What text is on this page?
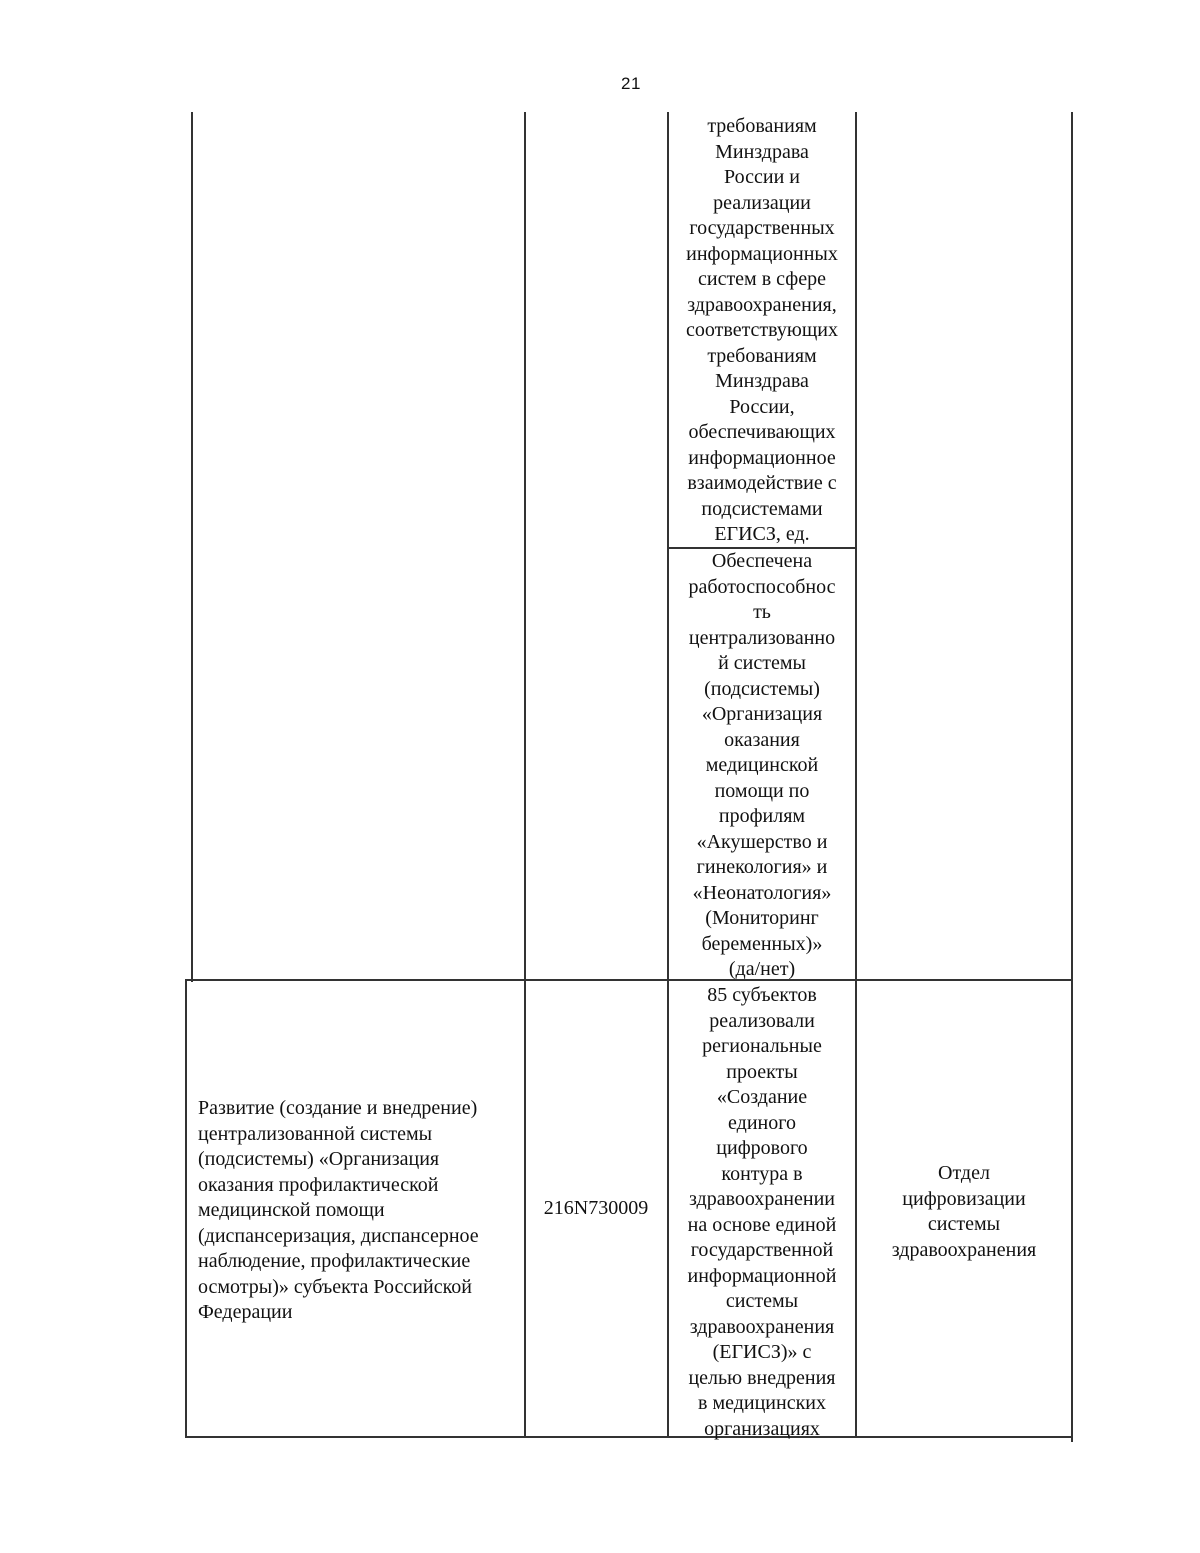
21
требованиям
Минздрава
России и
реализации
государственных
информационных
систем в сфере
здравоохранения,
соответствующих
требованиям
Минздрава
России,
обеспечивающих
информационное
взаимодействие с
подсистемами
ЕГИСЗ, ед.
Обеспечена
работоспособнос
ть
централизованно
й системы
(подсистемы)
«Организация
оказания
медицинской
помощи по
профилям
«Акушерство и
гинекология» и
«Неонатология»
(Мониторинг
беременных)»
(да/нет)
Развитие (создание и внедрение)
централизованной системы
(подсистемы) «Организация
оказания профилактической
медицинской помощи
(диспансеризация, диспансерное
наблюдение, профилактические
осмотры)» субъекта Российской
Федерации
216N730009
85 субъектов
реализовали
региональные
проекты
«Создание
единого
цифрового
контура в
здравоохранении
на основе единой
государственной
информационной
системы
здравоохранения
(ЕГИСЗ)» с
целью внедрения
в медицинских
организациях
Отдел
цифровизации
системы
здравоохранения
